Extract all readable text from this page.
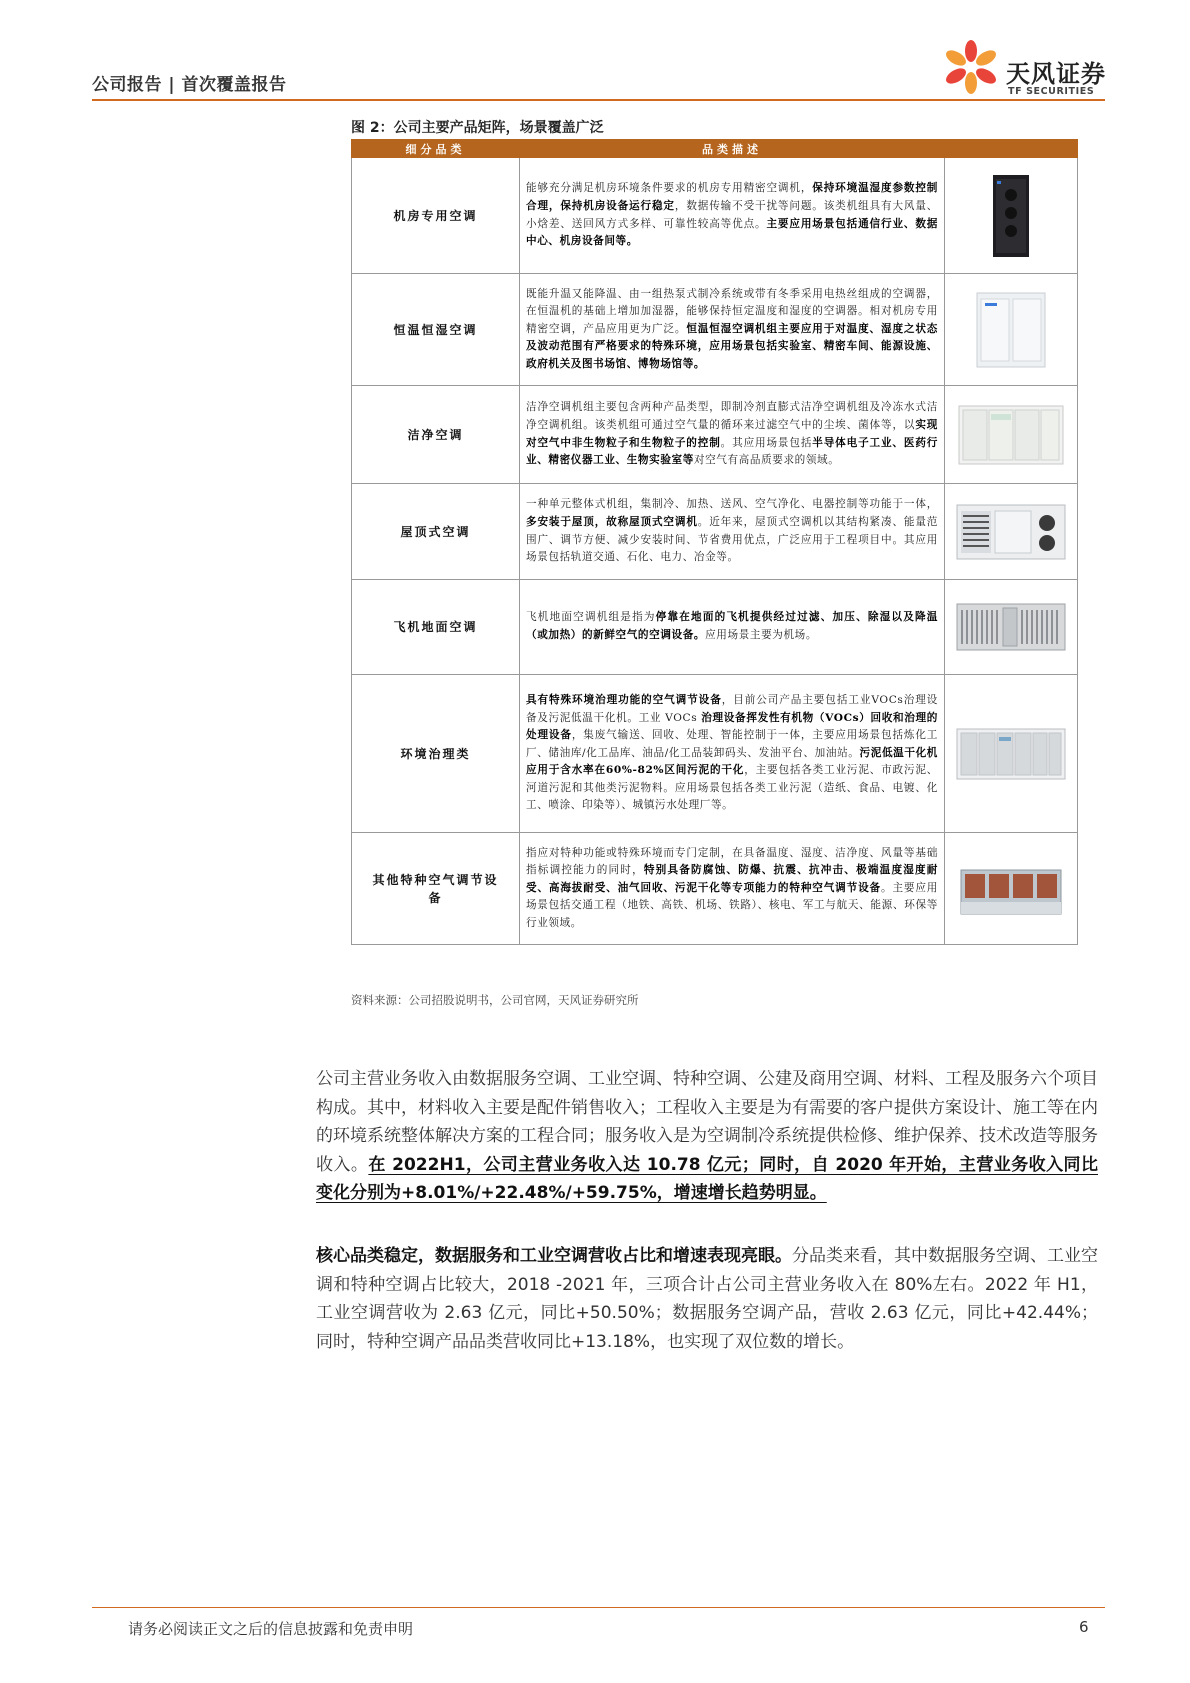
公司报告 | 首次覆盖报告	天风证券
TF SECURITIES
图 2：公司主要产品矩阵，场景覆盖广泛
细分品类	品类描述	
机房专用空调	能够充分满足机房环境条件要求的机房专用精密空调机，保持环境温湿度参数控制合理，保持机房设备运行稳定，数据传输不受干扰等问题。该类机组具有大风量、小焓差、送回风方式多样、可靠性较高等优点。主要应用场景包括通信行业、数据中心、机房设备间等。	

恒温恒湿空调	既能升温又能降温、由一组热泵式制冷系统或带有冬季采用电热丝组成的空调器，在恒温机的基础上增加加湿器，能够保持恒定温度和湿度的空调器。相对机房专用精密空调，产品应用更为广泛。恒温恒湿空调机组主要应用于对温度、湿度之状态及波动范围有严格要求的特殊环境，应用场景包括实验室、精密车间、能源设施、政府机关及图书场馆、博物场馆等。	

洁净空调	洁净空调机组主要包含两种产品类型，即制冷剂直膨式洁净空调机组及冷冻水式洁净空调机组。该类机组可通过空气量的循环来过滤空气中的尘埃、菌体等，以实现对空气中非生物粒子和生物粒子的控制。其应用场景包括半导体电子工业、医药行业、精密仪器工业、生物实验室等对空气有高品质要求的领域。	

屋顶式空调	一种单元整体式机组，集制冷、加热、送风、空气净化、电器控制等功能于一体，多安装于屋顶，故称屋顶式空调机。近年来，屋顶式空调机以其结构紧凑、能量范围广、调节方便、减少安装时间、节省费用优点，广泛应用于工程项目中。其应用场景包括轨道交通、石化、电力、冶金等。	

飞机地面空调	飞机地面空调机组是指为停靠在地面的飞机提供经过过滤、加压、除湿以及降温（或加热）的新鲜空气的空调设备。应用场景主要为机场。	

环境治理类	具有特殊环境治理功能的空气调节设备，目前公司产品主要包括工业VOCs治理设备及污泥低温干化机。工业 VOCs 治理设备挥发性有机物（VOCs）回收和治理的处理设备，集废气输送、回收、处理、智能控制于一体，主要应用场景包括炼化工厂、储油库/化工品库、油品/化工品装卸码头、发油平台、加油站。污泥低温干化机应用于含水率在60%-82%区间污泥的干化，主要包括各类工业污泥、市政污泥、河道污泥和其他类污泥物料。应用场景包括各类工业污泥（造纸、食品、电镀、化工、喷涂、印染等）、城镇污水处理厂等。	

其他特种空气调节设备	指应对特种功能或特殊环境而专门定制，在具备温度、湿度、洁净度、风量等基础指标调控能力的同时，特别具备防腐蚀、防爆、抗震、抗冲击、极端温度湿度耐受、高海拔耐受、油气回收、污泥干化等专项能力的特种空气调节设备。主要应用场景包括交通工程（地铁、高铁、机场、铁路）、核电、军工与航天、能源、环保等行业领域。	
资料来源：公司招股说明书，公司官网，天风证券研究所
公司主营业务收入由数据服务空调、工业空调、特种空调、公建及商用空调、材料、工程及服务六个项目构成。其中，材料收入主要是配件销售收入；工程收入主要是为有需要的客户提供方案设计、施工等在内的环境系统整体解决方案的工程合同；服务收入是为空调制冷系统提供检修、维护保养、技术改造等服务收入。在 2022H1，公司主营业务收入达 10.78 亿元；同时，自 2020 年开始，主营业务收入同比变化分别为+8.01%/+22.48%/+59.75%，增速增长趋势明显。
核心品类稳定，数据服务和工业空调营收占比和增速表现亮眼。分品类来看，其中数据服务空调、工业空调和特种空调占比较大，2018 -2021 年，三项合计占公司主营业务收入在 80%左右。2022 年 H1，工业空调营收为 2.63 亿元，同比+50.50%；数据服务空调产品，营收 2.63 亿元，同比+42.44%；同时，特种空调产品品类营收同比+13.18%，也实现了双位数的增长。
请务必阅读正文之后的信息披露和免责申明	6
